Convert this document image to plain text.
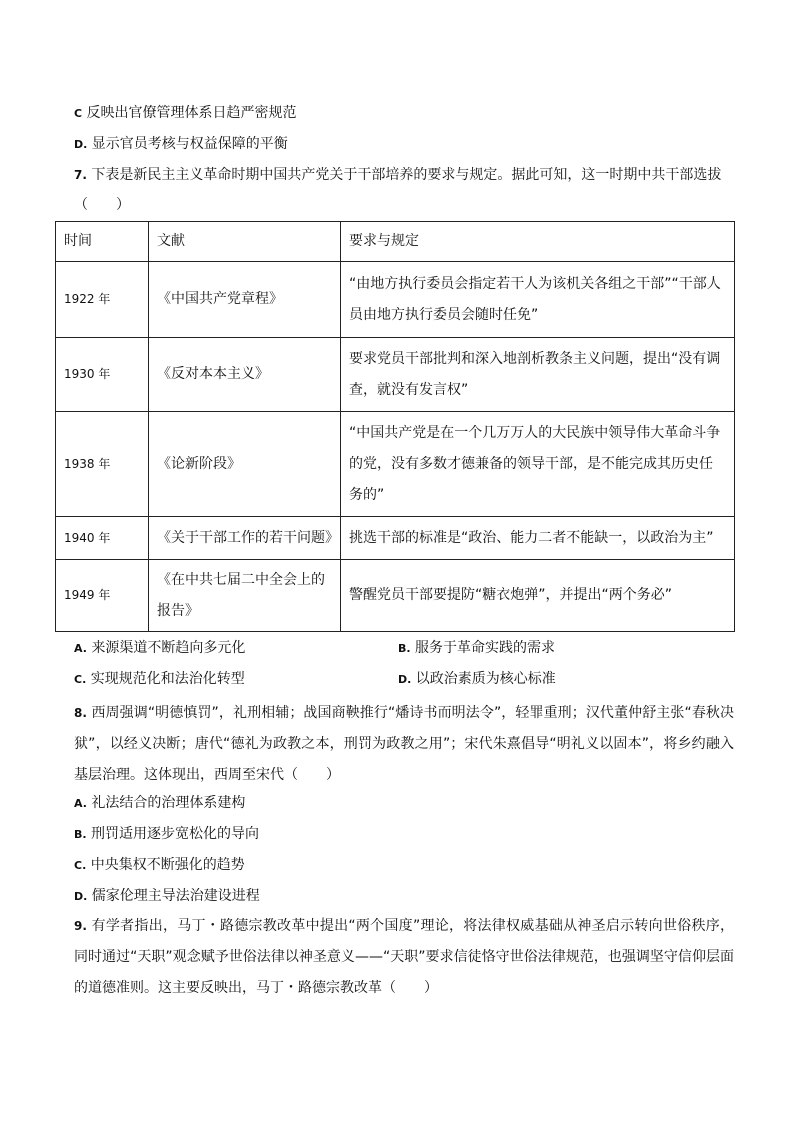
C 反映出官僚管理体系日趋严密规范
D. 显示官员考核与权益保障的平衡
7. 下表是新民主主义革命时期中国共产党关于干部培养的要求与规定。据此可知，这一时期中共干部选拔
（　　）
时间	文献	要求与规定
1922 年	《中国共产党章程》	“由地方执行委员会指定若干人为该机关各组之干部”“干部人员由地方执行委员会随时任免”
1930 年	《反对本本主义》	要求党员干部批判和深入地剖析教条主义问题，提出“没有调查，就没有发言权”
1938 年	《论新阶段》	“中国共产党是在一个几万万人的大民族中领导伟大革命斗争的党，没有多数才德兼备的领导干部，是不能完成其历史任务的”
1940 年	《关于干部工作的若干问题》	挑选干部的标准是“政治、能力二者不能缺一，以政治为主”
1949 年	《在中共七届二中全会上的报告》	警醒党员干部要提防“糖衣炮弹”，并提出“两个务必”
A. 来源渠道不断趋向多元化	B. 服务于革命实践的需求
C. 实现规范化和法治化转型	D. 以政治素质为核心标准
8. 西周强调“明德慎罚”，礼刑相辅；战国商鞅推行“燔诗书而明法令”，轻罪重刑；汉代董仲舒主张“春秋决狱”，以经义决断；唐代“德礼为政教之本，刑罚为政教之用”；宋代朱熹倡导“明礼义以固本”，将乡约融入基层治理。这体现出，西周至宋代（　　）
A. 礼法结合的治理体系建构
B. 刑罚适用逐步宽松化的导向
C. 中央集权不断强化的趋势
D. 儒家伦理主导法治建设进程
9. 有学者指出，马丁・路德宗教改革中提出“两个国度”理论，将法律权威基础从神圣启示转向世俗秩序，同时通过“天职”观念赋予世俗法律以神圣意义——“天职”要求信徒恪守世俗法律规范，也强调坚守信仰层面的道德准则。这主要反映出，马丁・路德宗教改革（　　）
